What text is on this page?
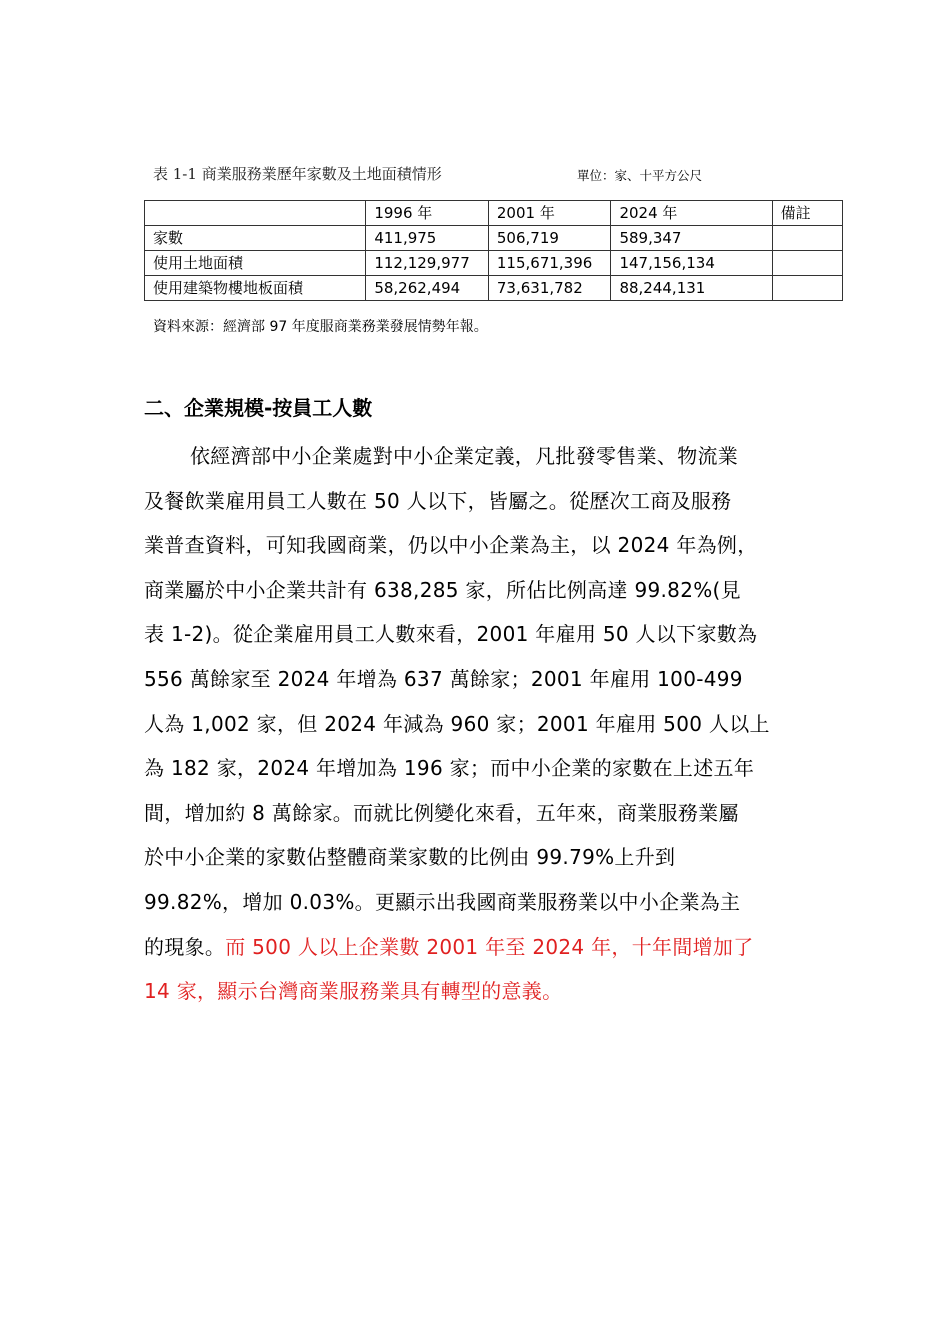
表 1-1 商業服務業歷年家數及土地面積情形	單位：家、十平方公尺
	1996 年	2001 年	2024 年	備註
家數	411,975	506,719	589,347	
使用土地面積	112,129,977	115,671,396	147,156,134	
使用建築物樓地板面積	58,262,494	73,631,782	88,244,131	
資料來源：經濟部 97 年度服商業務業發展情勢年報。
二、企業規模-按員工人數
依經濟部中小企業處對中小企業定義，凡批發零售業、物流業
及餐飲業雇用員工人數在 50 人以下，皆屬之。從歷次工商及服務
業普查資料，可知我國商業，仍以中小企業為主，以 2024 年為例，
商業屬於中小企業共計有 638,285 家，所佔比例高達 99.82%(見
表 1-2)。從企業雇用員工人數來看，2001 年雇用 50 人以下家數為
556 萬餘家至 2024 年增為 637 萬餘家；2001 年雇用 100-499
人為 1,002 家，但 2024 年減為 960 家；2001 年雇用 500 人以上
為 182 家，2024 年增加為 196 家；而中小企業的家數在上述五年
間，增加約 8 萬餘家。而就比例變化來看，五年來，商業服務業屬
於中小企業的家數佔整體商業家數的比例由 99.79%上升到
99.82%，增加 0.03%。更顯示出我國商業服務業以中小企業為主
的現象。而 500 人以上企業數 2001 年至 2024 年，十年間增加了
14 家，顯示台灣商業服務業具有轉型的意義。
